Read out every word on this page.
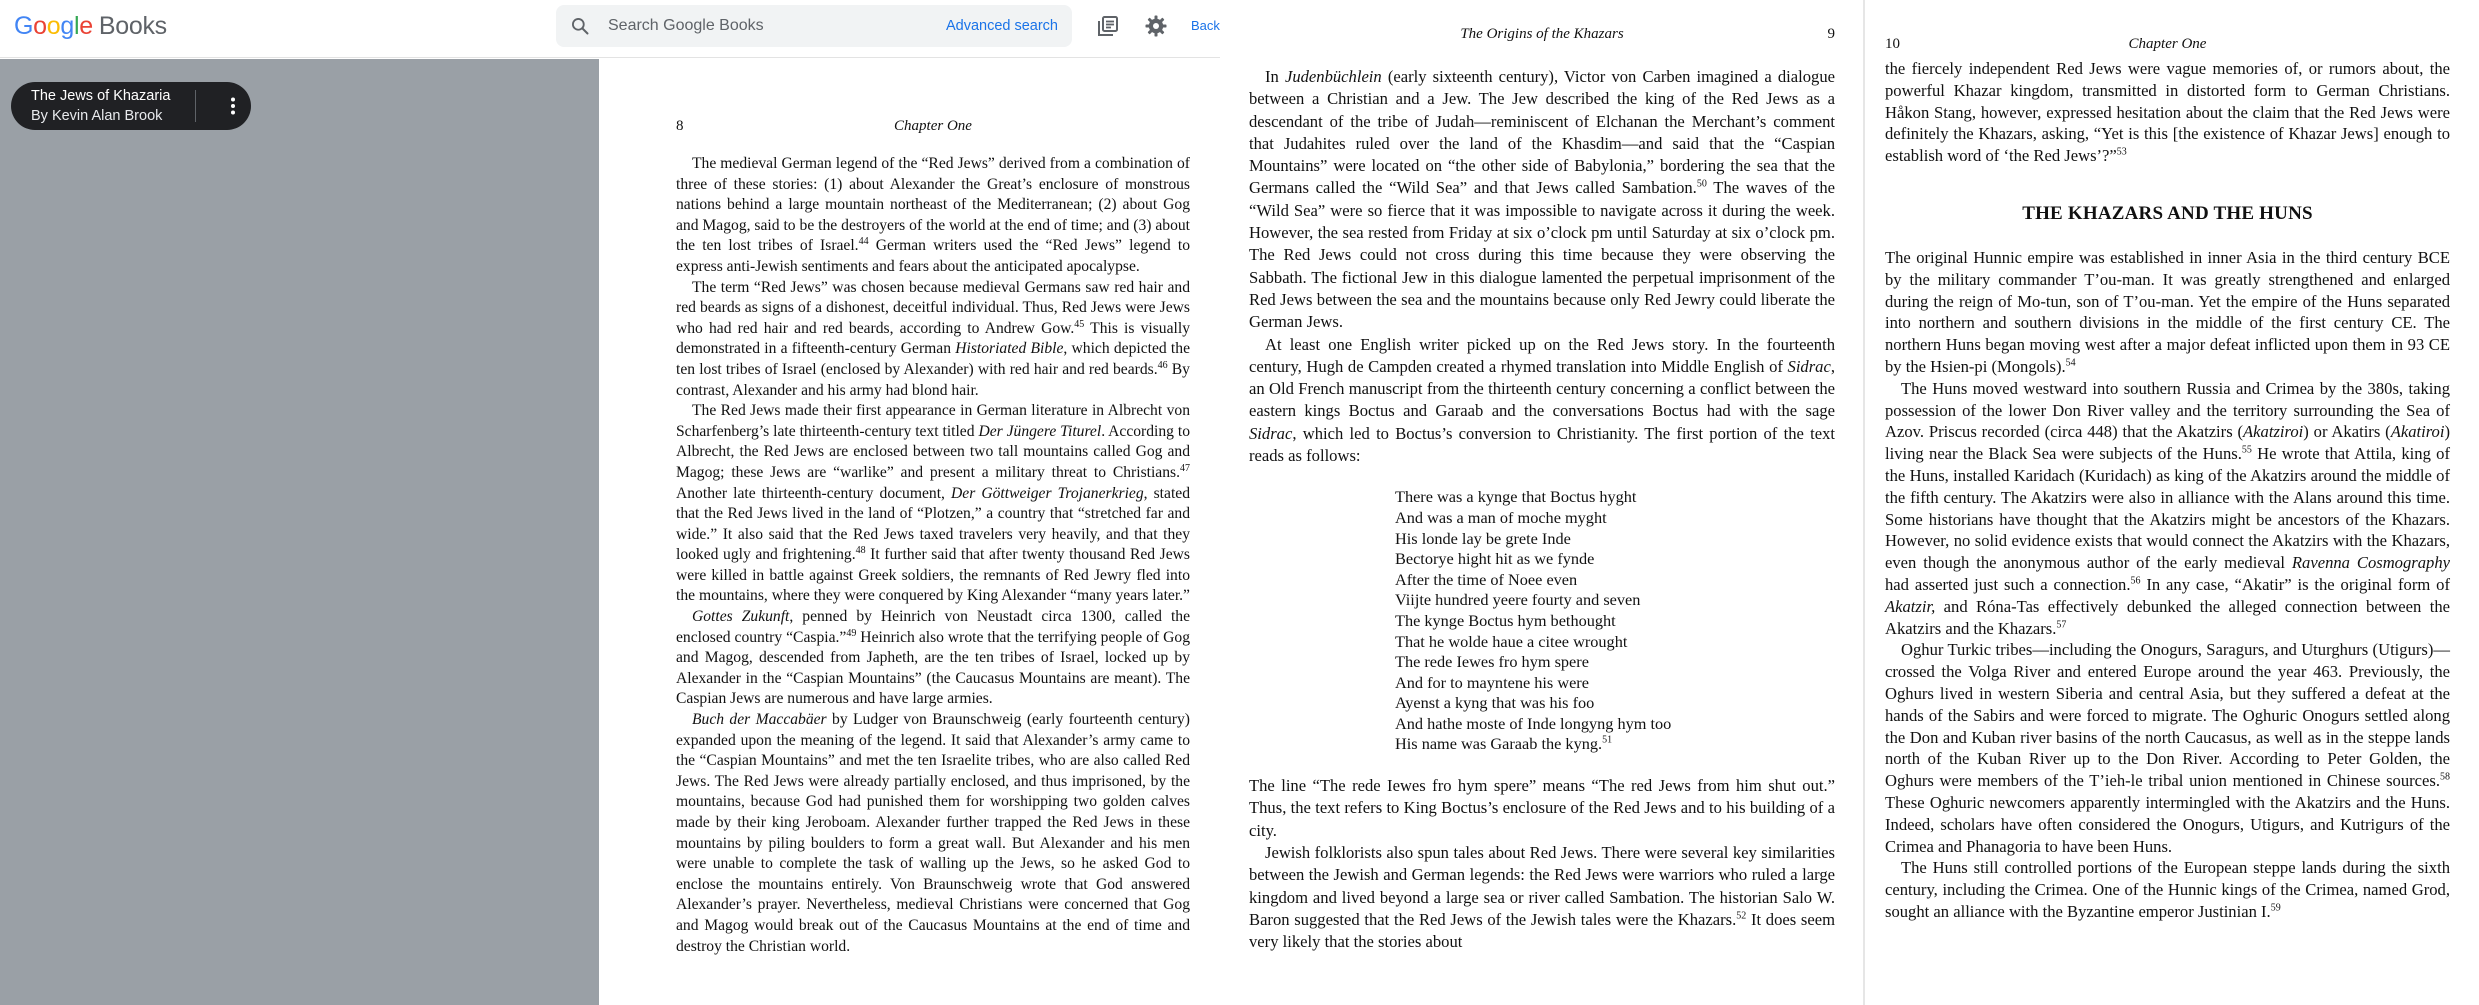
Google Books
Search Google Books	Advanced search	Back
The Jews of Khazaria
By Kevin Alan Brook
8	Chapter One

The medieval German legend of the “Red Jews” derived from a combination of three of these stories: (1) about Alexander the Great’s enclosure of monstrous nations behind a large mountain northeast of the Mediterranean; (2) about Gog and Magog, said to be the destroyers of the world at the end of time; and (3) about the ten lost tribes of Israel.$^{44}$ German writers used the “Red Jews” legend to express anti-Jewish sentiments and fears about the anticipated apocalypse.

The term “Red Jews” was chosen because medieval Germans saw red hair and red beards as signs of a dishonest, deceitful individual. Thus, Red Jews were Jews who had red hair and red beards, according to Andrew Gow.$^{45}$ This is visually demonstrated in a fifteenth-century German Historiated Bible, which depicted the ten lost tribes of Israel (enclosed by Alexander) with red hair and red beards.$^{46}$ By contrast, Alexander and his army had blond hair.

The Red Jews made their first appearance in German literature in Albrecht von Scharfenberg’s late thirteenth-century text titled Der Jüngere Titurel. According to Albrecht, the Red Jews are enclosed between two tall mountains called Gog and Magog; these Jews are “warlike” and present a military threat to Christians.$^{47}$ Another late thirteenth-century document, Der Göttweiger Trojanerkrieg, stated that the Red Jews lived in the land of “Plotzen,” a country that “stretched far and wide.” It also said that the Red Jews taxed travelers very heavily, and that they looked ugly and frightening.$^{48}$ It further said that after twenty thousand Red Jews were killed in battle against Greek soldiers, the remnants of Red Jewry fled into the mountains, where they were conquered by King Alexander “many years later.”

Gottes Zukunft, penned by Heinrich von Neustadt circa 1300, called the enclosed country “Caspia.”$^{49}$ Heinrich also wrote that the terrifying people of Gog and Magog, descended from Japheth, are the ten tribes of Israel, locked up by Alexander in the “Caspian Mountains” (the Caucasus Mountains are meant). The Caspian Jews are numerous and have large armies.

Buch der Maccabäer by Ludger von Braunschweig (early fourteenth century) expanded upon the meaning of the legend. It said that Alexander’s army came to the “Caspian Mountains” and met the ten Israelite tribes, who are also called Red Jews. The Red Jews were already partially enclosed, and thus imprisoned, by the mountains, because God had punished them for worshipping two golden calves made by their king Jeroboam. Alexander further trapped the Red Jews in these mountains by piling boulders to form a great wall. But Alexander and his men were unable to complete the task of walling up the Jews, so he asked God to enclose the mountains entirely. Von Braunschweig wrote that God answered Alexander’s prayer. Nevertheless, medieval Christians were concerned that Gog and Magog would break out of the Caucasus Mountains at the end of time and destroy the Christian world.

The Origins of the Khazars	9

In Judenbüchlein (early sixteenth century), Victor von Carben imagined a dialogue between a Christian and a Jew. The Jew described the king of the Red Jews as a descendant of the tribe of Judah—reminiscent of Elchanan the Merchant’s comment that Judahites ruled over the land of the Khasdim—and said that the “Caspian Mountains” were located on “the other side of Babylonia,” bordering the sea that the Germans called the “Wild Sea” and that Jews called Sambation.$^{50}$ The waves of the “Wild Sea” were so fierce that it was impossible to navigate across it during the week. However, the sea rested from Friday at six o’clock pm until Saturday at six o’clock pm. The Red Jews could not cross during this time because they were observing the Sabbath. The fictional Jew in this dialogue lamented the perpetual imprisonment of the Red Jews between the sea and the mountains because only Red Jewry could liberate the German Jews.

At least one English writer picked up on the Red Jews story. In the fourteenth century, Hugh de Campden created a rhymed translation into Middle English of Sidrac, an Old French manuscript from the thirteenth century concerning a conflict between the eastern kings Boctus and Garaab and the conversations Boctus had with the sage Sidrac, which led to Boctus’s conversion to Christianity. The first portion of the text reads as follows:

There was a kynge that Boctus hyght
And was a man of moche myght
His londe lay be grete Inde
Bectorye hight hit as we fynde
After the time of Noee even
Viijte hundred yeere fourty and seven
The kynge Boctus hym bethought
That he wolde haue a citee wrought
The rede Iewes fro hym spere
And for to mayntene his were
Ayenst a kyng that was his foo
And hathe moste of Inde longyng hym too
His name was Garaab the kyng.$^{51}$

The line “The rede Iewes fro hym spere” means “The red Jews from him shut out.” Thus, the text refers to King Boctus’s enclosure of the Red Jews and to his building of a city.

Jewish folklorists also spun tales about Red Jews. There were several key similarities between the Jewish and German legends: the Red Jews were warriors who ruled a large kingdom and lived beyond a large sea or river called Sambation. The historian Salo W. Baron suggested that the Red Jews of the Jewish tales were the Khazars.$^{52}$ It does seem very likely that the stories about

10	Chapter One

the fiercely independent Red Jews were vague memories of, or rumors about, the powerful Khazar kingdom, transmitted in distorted form to German Christians. Håkon Stang, however, expressed hesitation about the claim that the Red Jews were definitely the Khazars, asking, “Yet is this [the existence of Khazar Jews] enough to establish word of ‘the Red Jews’?”$^{53}$

THE KHAZARS AND THE HUNS

The original Hunnic empire was established in inner Asia in the third century BCE by the military commander T’ou-man. It was greatly strengthened and enlarged during the reign of Mo-tun, son of T’ou-man. Yet the empire of the Huns separated into northern and southern divisions in the middle of the first century CE. The northern Huns began moving west after a major defeat inflicted upon them in 93 CE by the Hsien-pi (Mongols).$^{54}$

The Huns moved westward into southern Russia and Crimea by the 380s, taking possession of the lower Don River valley and the territory surrounding the Sea of Azov. Priscus recorded (circa 448) that the Akatzirs (Akatziroi) or Akatirs (Akatiroi) living near the Black Sea were subjects of the Huns.$^{55}$ He wrote that Attila, king of the Huns, installed Karidach (Kuridach) as king of the Akatzirs around the middle of the fifth century. The Akatzirs were also in alliance with the Alans around this time. Some historians have thought that the Akatzirs might be ancestors of the Khazars. However, no solid evidence exists that would connect the Akatzirs with the Khazars, even though the anonymous author of the early medieval Ravenna Cosmography had asserted just such a connection.$^{56}$ In any case, “Akatir” is the original form of Akatzir, and Róna-Tas effectively debunked the alleged connection between the Akatzirs and the Khazars.$^{57}$

Oghur Turkic tribes—including the Onogurs, Saragurs, and Uturghurs (Utigurs)—crossed the Volga River and entered Europe around the year 463. Previously, the Oghurs lived in western Siberia and central Asia, but they suffered a defeat at the hands of the Sabirs and were forced to migrate. The Oghuric Onogurs settled along the Don and Kuban river basins of the north Caucasus, as well as in the steppe lands north of the Kuban River up to the Don River. According to Peter Golden, the Oghurs were members of the T’ieh-le tribal union mentioned in Chinese sources.$^{58}$ These Oghuric newcomers apparently intermingled with the Akatzirs and the Huns. Indeed, scholars have often considered the Onogurs, Utigurs, and Kutrigurs of the Crimea and Phanagoria to have been Huns.

The Huns still controlled portions of the European steppe lands during the sixth century, including the Crimea. One of the Hunnic kings of the Crimea, named Grod, sought an alliance with the Byzantine emperor Justinian I.$^{59}$
